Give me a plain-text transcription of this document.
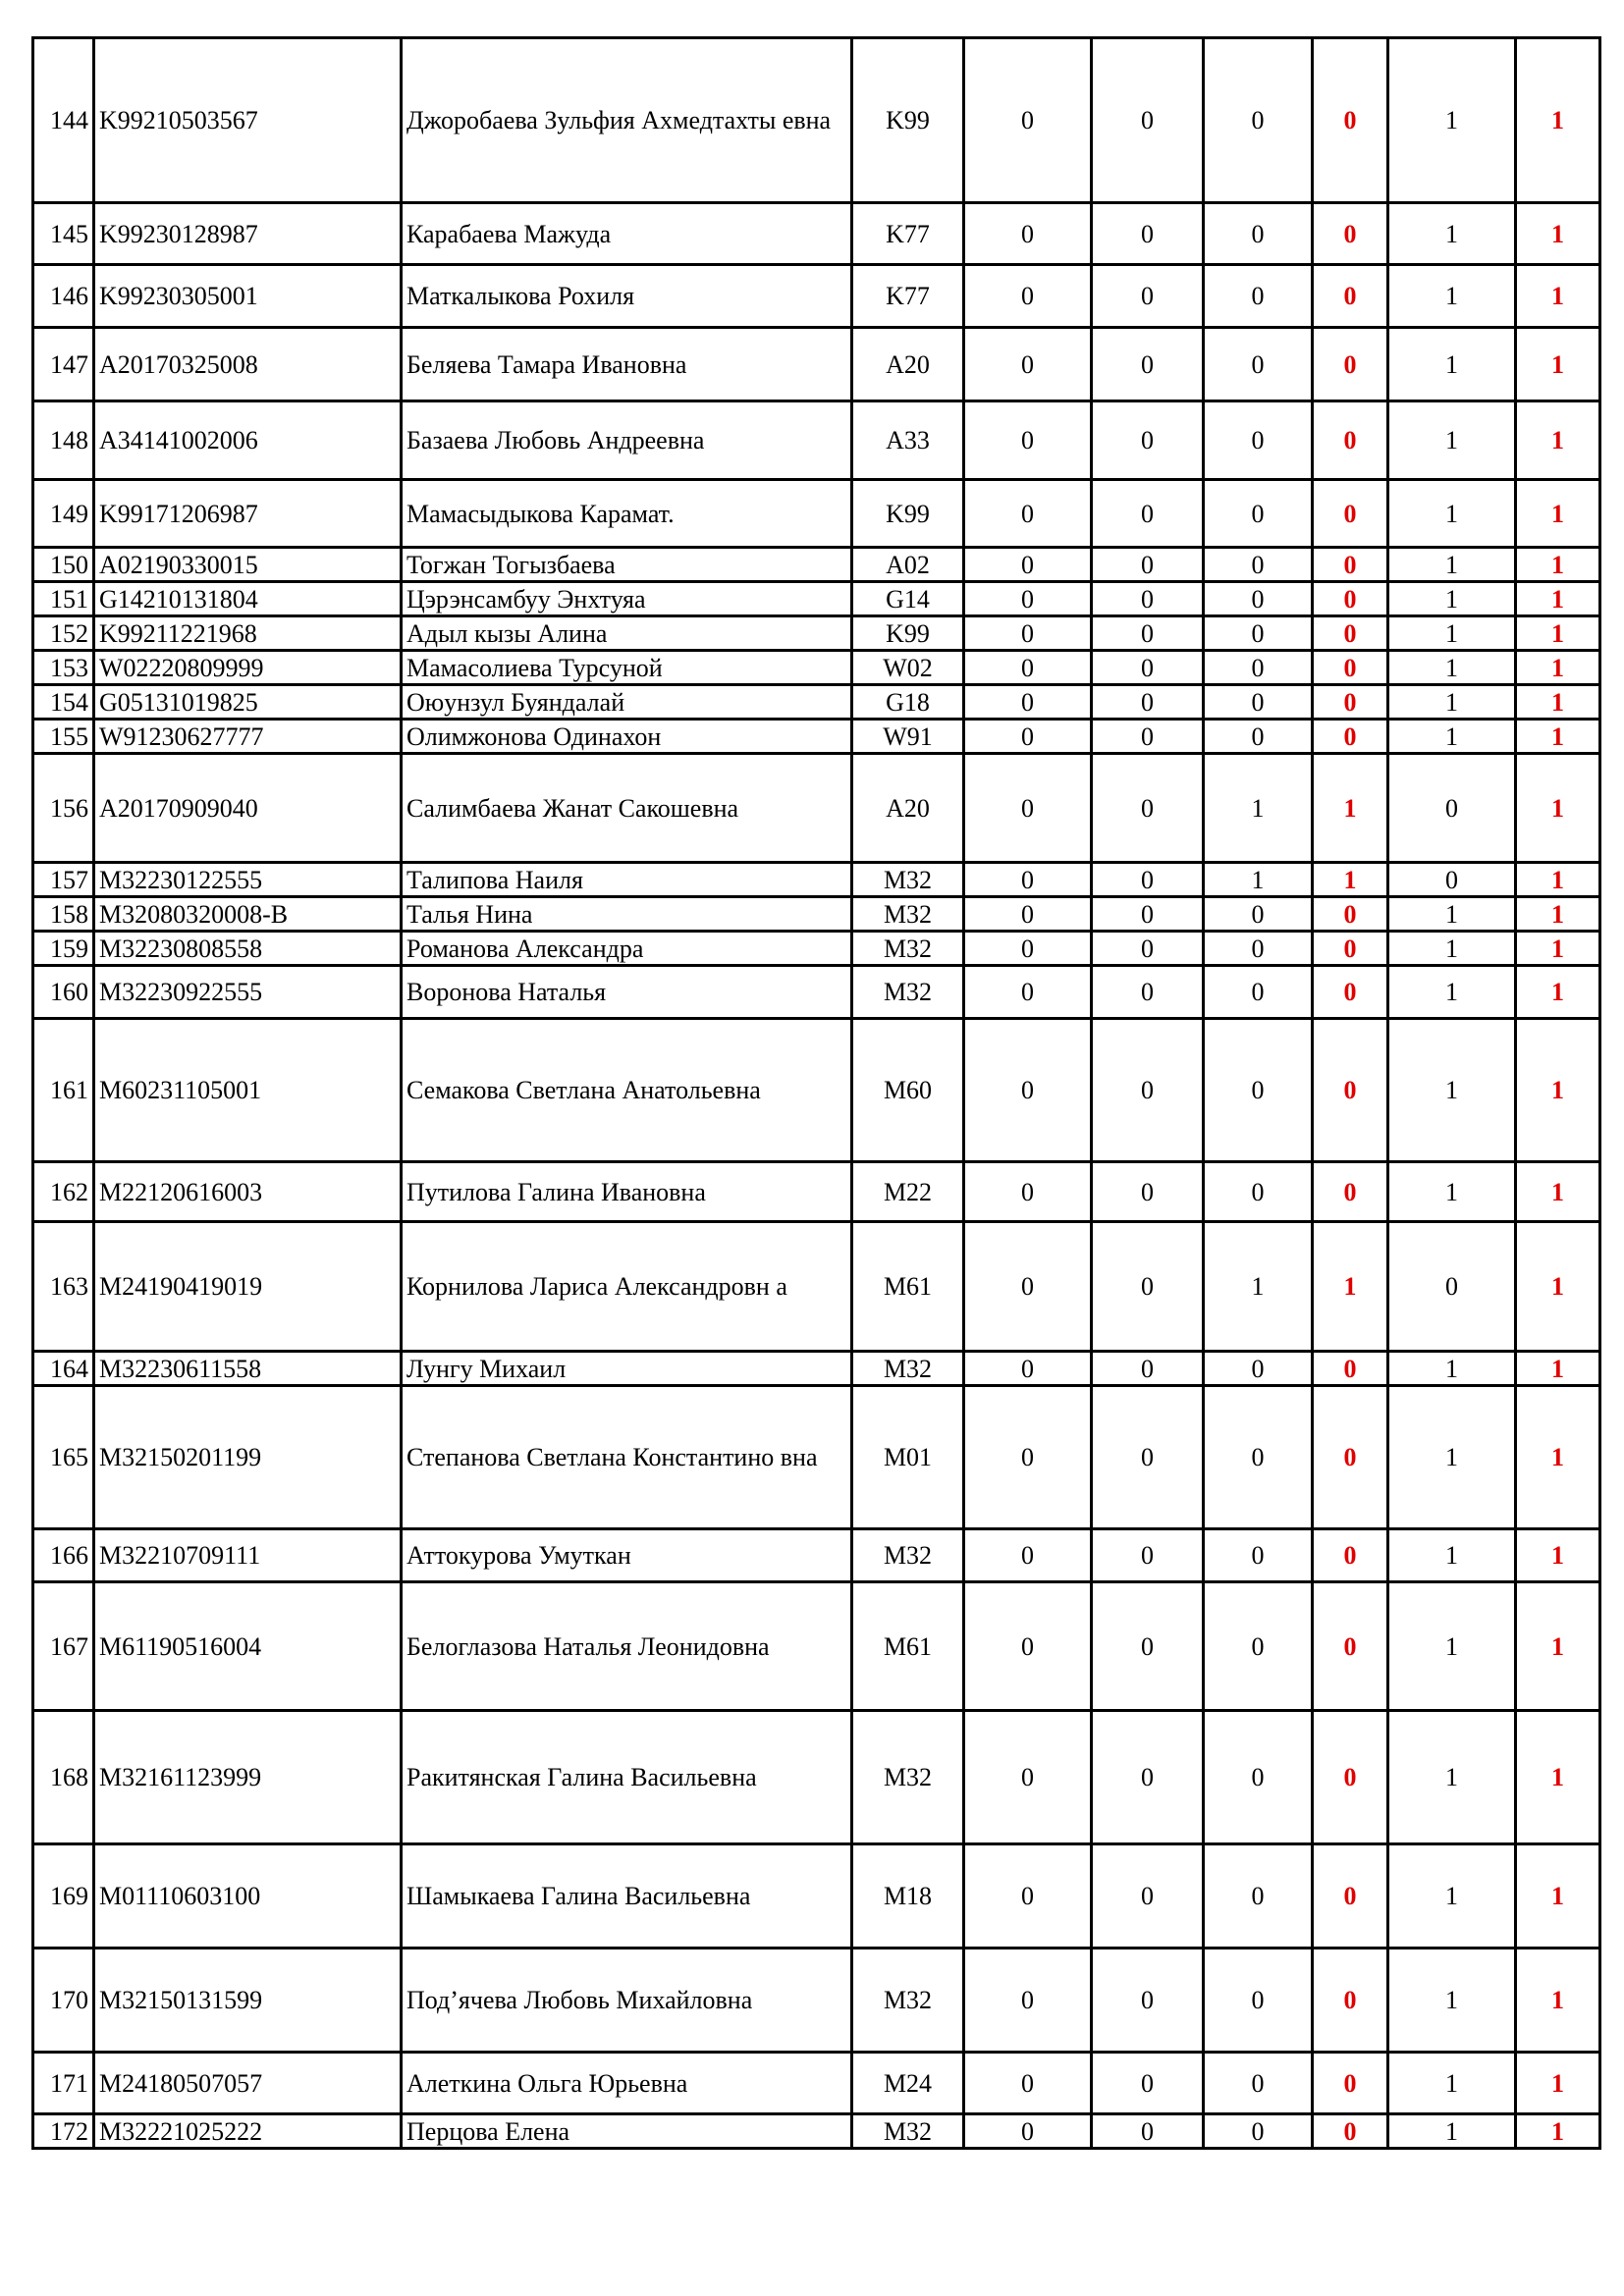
144	K99210503567	Джоробаева Зульфия Ахмедтахты евна	K99	0	0	0	0	1	1
145	K99230128987	Карабаева Мажуда	K77	0	0	0	0	1	1
146	K99230305001	Маткалыкова Рохиля	K77	0	0	0	0	1	1
147	A20170325008	Беляева Тамара Ивановна	A20	0	0	0	0	1	1
148	A34141002006	Базаева Любовь Андреевна	A33	0	0	0	0	1	1
149	K99171206987	Мамасыдыкова Карамат.	K99	0	0	0	0	1	1
150	A02190330015	Тогжан Тогызбаева	A02	0	0	0	0	1	1
151	G14210131804	Цэрэнсамбуу Энхтуяа	G14	0	0	0	0	1	1
152	K99211221968	Адыл кызы Алина	K99	0	0	0	0	1	1
153	W02220809999	Мамасолиева Турсуной	W02	0	0	0	0	1	1
154	G05131019825	Оюунзул Буяндалай	G18	0	0	0	0	1	1
155	W91230627777	Олимжонова Одинахон	W91	0	0	0	0	1	1
156	A20170909040	Салимбаева Жанат Сакошевна	A20	0	0	1	1	0	1
157	M32230122555	Талипова Наиля	M32	0	0	1	1	0	1
158	M32080320008-B	Талья Нина	M32	0	0	0	0	1	1
159	M32230808558	Романова Александра	M32	0	0	0	0	1	1
160	M32230922555	Воронова Наталья	M32	0	0	0	0	1	1
161	M60231105001	Семакова Светлана Анатольевна	M60	0	0	0	0	1	1
162	M22120616003	Путилова Галина Ивановна	M22	0	0	0	0	1	1
163	M24190419019	Корнилова Лариса Александровн а	M61	0	0	1	1	0	1
164	M32230611558	Лунгу Михаил	M32	0	0	0	0	1	1
165	M32150201199	Степанова Светлана Константино вна	M01	0	0	0	0	1	1
166	M32210709111	Аттокурова Умуткан	M32	0	0	0	0	1	1
167	M61190516004	Белоглазова Наталья Леонидовна	M61	0	0	0	0	1	1
168	M32161123999	Ракитянская Галина Васильевна	M32	0	0	0	0	1	1
169	M01110603100	Шамыкаева Галина Васильевна	M18	0	0	0	0	1	1
170	M32150131599	Под’ячева Любовь Михайловна	M32	0	0	0	0	1	1
171	M24180507057	Алеткина Ольга Юрьевна	M24	0	0	0	0	1	1
172	M32221025222	Перцова Елена	M32	0	0	0	0	1	1
